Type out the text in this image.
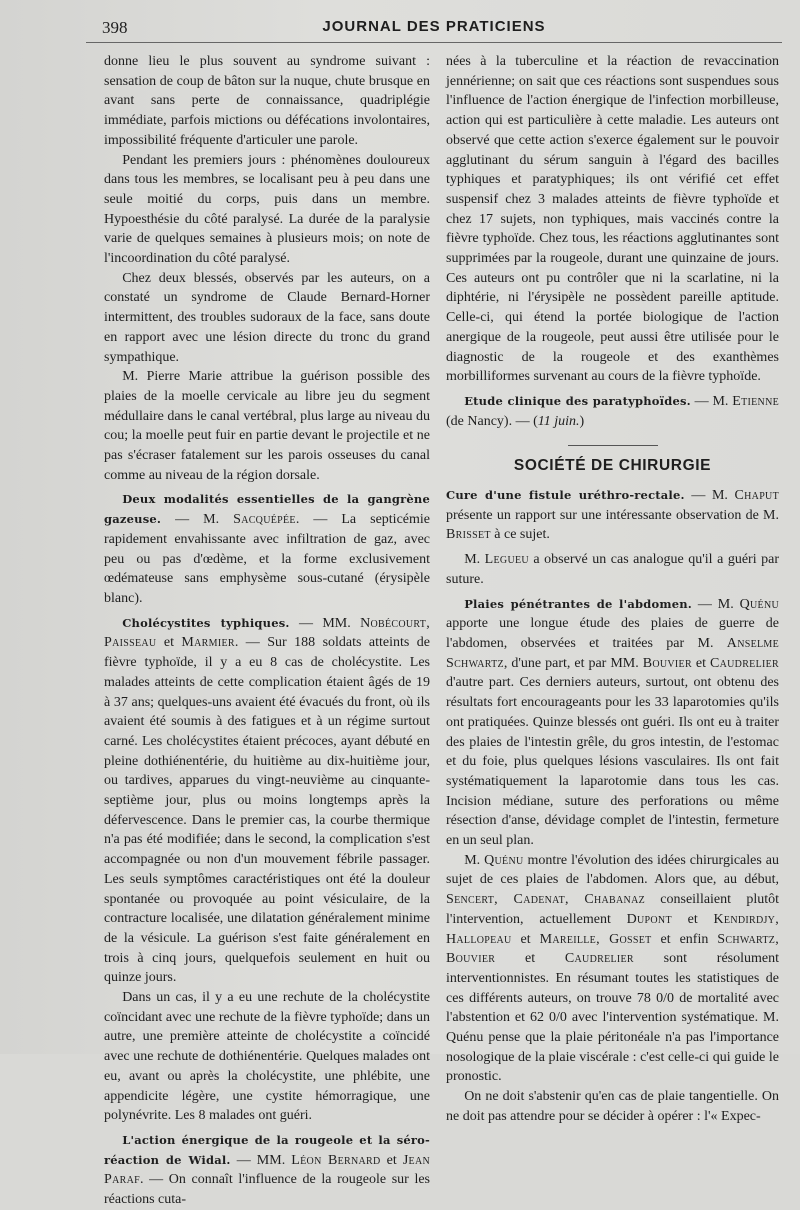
398	JOURNAL DES PRATICIENS

donne lieu le plus souvent au syndrome suivant : sensation de coup de bâton sur la nuque, chute brusque en avant sans perte de connaissance, quadriplégie immédiate, parfois mictions ou défécations involontaires, impossibilité fréquente d'articuler une parole.

Pendant les premiers jours : phénomènes douloureux dans tous les membres, se localisant peu à peu dans une seule moitié du corps, puis dans un membre. Hypoesthésie du côté paralysé. La durée de la paralysie varie de quelques semaines à plusieurs mois; on note de l'incoordination du côté paralysé.

Chez deux blessés, observés par les auteurs, on a constaté un syndrome de Claude Bernard-Horner intermittent, des troubles sudoraux de la face, sans doute en rapport avec une lésion directe du tronc du grand sympathique.

M. Pierre Marie attribue la guérison possible des plaies de la moelle cervicale au libre jeu du segment médullaire dans le canal vertébral, plus large au niveau du cou; la moelle peut fuir en partie devant le projectile et ne pas s'écraser fatalement sur les parois osseuses du canal comme au niveau de la région dorsale.

Deux modalités essentielles de la gangrène gazeuse. — M. Sacquépée. — La septicémie rapidement envahissante avec infiltration de gaz, avec peu ou pas d'œdème, et la forme exclusivement œdémateuse sans emphysème sous-cutané (érysipèle blanc).

Cholécystites typhiques. — MM. Nobécourt, Paisseau et Marmier. — Sur 188 soldats atteints de fièvre typhoïde, il y a eu 8 cas de cholécystite. Les malades atteints de cette complication étaient âgés de 19 à 37 ans; quelques-uns avaient été évacués du front, où ils avaient été soumis à des fatigues et à un régime surtout carné. Les cholécystites étaient précoces, ayant débuté en pleine dothiénentérie, du huitième au dix-huitième jour, ou tardives, apparues du vingt-neuvième au cinquante-septième jour, plus ou moins longtemps après la défervescence. Dans le premier cas, la courbe thermique n'a pas été modifiée; dans le second, la complication s'est accompagnée ou non d'un mouvement fébrile passager. Les seuls symptômes caractéristiques ont été la douleur spontanée ou provoquée au point vésiculaire, de la contracture localisée, une dilatation généralement minime de la vésicule. La guérison s'est faite généralement en trois à cinq jours, quelquefois seulement en huit ou quinze jours.

Dans un cas, il y a eu une rechute de la cholécystite coïncidant avec une rechute de la fièvre typhoïde; dans un autre, une première atteinte de cholécystite a coïncidé avec une rechute de dothiénentérie. Quelques malades ont eu, avant ou après la cholécystite, une phlébite, une appendicite légère, une cystite hémorragique, une polynévrite. Les 8 malades ont guéri.

L'action énergique de la rougeole et la séro-réaction de Widal. — MM. Léon Bernard et Jean Paraf. — On connaît l'influence de la rougeole sur les réactions cuta-

nées à la tuberculine et la réaction de revaccination jennérienne; on sait que ces réactions sont suspendues sous l'influence de l'action énergique de l'infection morbilleuse, action qui est particulière à cette maladie. Les auteurs ont observé que cette action s'exerce également sur le pouvoir agglutinant du sérum sanguin à l'égard des bacilles typhiques et paratyphiques; ils ont vérifié cet effet suspensif chez 3 malades atteints de fièvre typhoïde et chez 17 sujets, non typhiques, mais vaccinés contre la fièvre typhoïde. Chez tous, les réactions agglutinantes sont supprimées par la rougeole, durant une quinzaine de jours. Ces auteurs ont pu contrôler que ni la scarlatine, ni la diphtérie, ni l'érysipèle ne possèdent pareille aptitude. Celle-ci, qui étend la portée biologique de l'action anergique de la rougeole, peut aussi être utilisée pour le diagnostic de la rougeole et des exanthèmes morbilliformes survenant au cours de la fièvre typhoïde.

Etude clinique des paratyphoïdes. — M. Etienne (de Nancy). — (11 juin.)

SOCIÉTÉ DE CHIRURGIE

Cure d'une fistule uréthro-rectale. — M. Chaput présente un rapport sur une intéressante observation de M. Brisset à ce sujet.

M. Legueu a observé un cas analogue qu'il a guéri par suture.

Plaies pénétrantes de l'abdomen. — M. Quénu apporte une longue étude des plaies de guerre de l'abdomen, observées et traitées par M. Anselme Schwartz, d'une part, et par MM. Bouvier et Caudrelier d'autre part. Ces derniers auteurs, surtout, ont obtenu des résultats fort encourageants pour les 33 laparotomies qu'ils ont pratiquées. Quinze blessés ont guéri. Ils ont eu à traiter des plaies de l'intestin grêle, du gros intestin, de l'estomac et du foie, plus quelques lésions vasculaires. Ils ont fait systématiquement la laparotomie dans tous les cas. Incision médiane, suture des perforations ou même résection d'anse, dévidage complet de l'intestin, fermeture en un seul plan.

M. Quénu montre l'évolution des idées chirurgicales au sujet de ces plaies de l'abdomen. Alors que, au début, Sencert, Cadenat, Chabanaz conseillaient plutôt l'intervention, actuellement Dupont et Kendirdjy, Hallopeau et Mareille, Gosset et enfin Schwartz, Bouvier et Caudrelier sont résolument interventionnistes. En résumant toutes les statistiques de ces différents auteurs, on trouve 78 0/0 de mortalité avec l'abstention et 62 0/0 avec l'intervention systématique. M. Quénu pense que la plaie péritonéale n'a pas l'importance nosologique de la plaie viscérale : c'est celle-ci qui guide le pronostic.

On ne doit s'abstenir qu'en cas de plaie tangentielle. On ne doit pas attendre pour se décider à opérer : l'« Expec-
